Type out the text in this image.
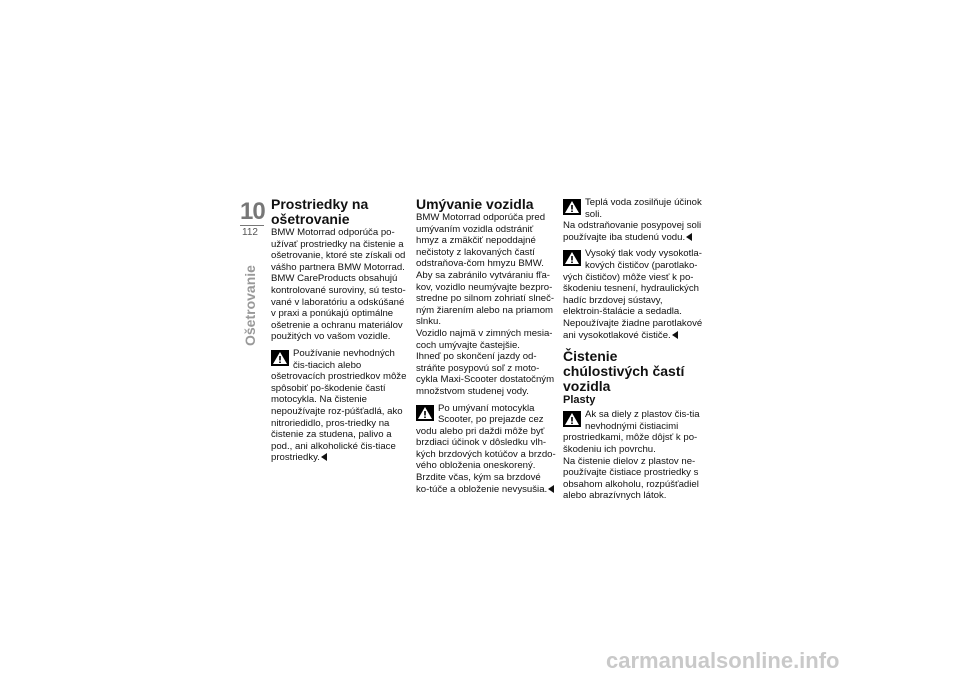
10
112
Ošetrovanie

Prostriedky na ošetrovanie

BMW Motorrad odporúča po-užívať prostriedky na čistenie a ošetrovanie, ktoré ste získali od vášho partnera BMW Motorrad. BMW CareProducts obsahujú kontrolované suroviny, sú testo-vané v laboratóriu a odskúšané v praxi a ponúkajú optimálne ošetrenie a ochranu materiálov použitých vo vašom vozidle.

Používanie nevhodných čis-tiacich alebo ošetrovacích prostriedkov môže spôsobiť po-škodenie častí motocykla. Na čistenie nepoužívajte roz-púšťadlá, ako nitroriedidlo, pros-triedky na čistenie za studena, palivo a pod., ani alkoholické čis-tiace prostriedky.

Umývanie vozidla

BMW Motorrad odporúča pred umývaním vozidla odstrániť hmyz a zmäkčiť nepoddajné nečistoty z lakovaných častí odstraňova-čom hmyzu BMW.

Aby sa zabránilo vytváraniu fľa-kov, vozidlo neumývajte bezpro-stredne po silnom zohriatí slneč-ným žiarením alebo na priamom slnku.

Vozidlo najmä v zimných mesia-coch umývajte častejšie.

Ihneď po skončení jazdy od-stráňte posypovú soľ z moto-cykla Maxi-Scooter dostatočným množstvom studenej vody.

Po umývaní motocykla Scooter, po prejazde cez vodu alebo pri daždi môže byť brzdiaci účinok v dôsledku vlh-kých brzdových kotúčov a brzdo-vého obloženia oneskorený. Brzdite včas, kým sa brzdové ko-túče a obloženie nevysušia.
Teplá voda zosilňuje účinok soli.

Na odstraňovanie posypovej soli používajte iba studenú vodu.

Vysoký tlak vody vysokotla-kových čističov (parotlako-vých čističov) môže viesť k po-škodeniu tesnení, hydraulických hadíc brzdovej sústavy, elektroin-štalácie a sedadla.

Nepoužívajte žiadne parotlakové ani vysokotlakové čističe.

Čistenie chúlostivých častí vozidla

Plasty

Ak sa diely z plastov čis-tia nevhodnými čistiacimi prostriedkami, môže dôjsť k po-škodeniu ich povrchu.

Na čistenie dielov z plastov ne-používajte čistiace prostriedky s obsahom alkoholu, rozpúšťadiel alebo abrazívnych látok.

carmanualsonline.info
